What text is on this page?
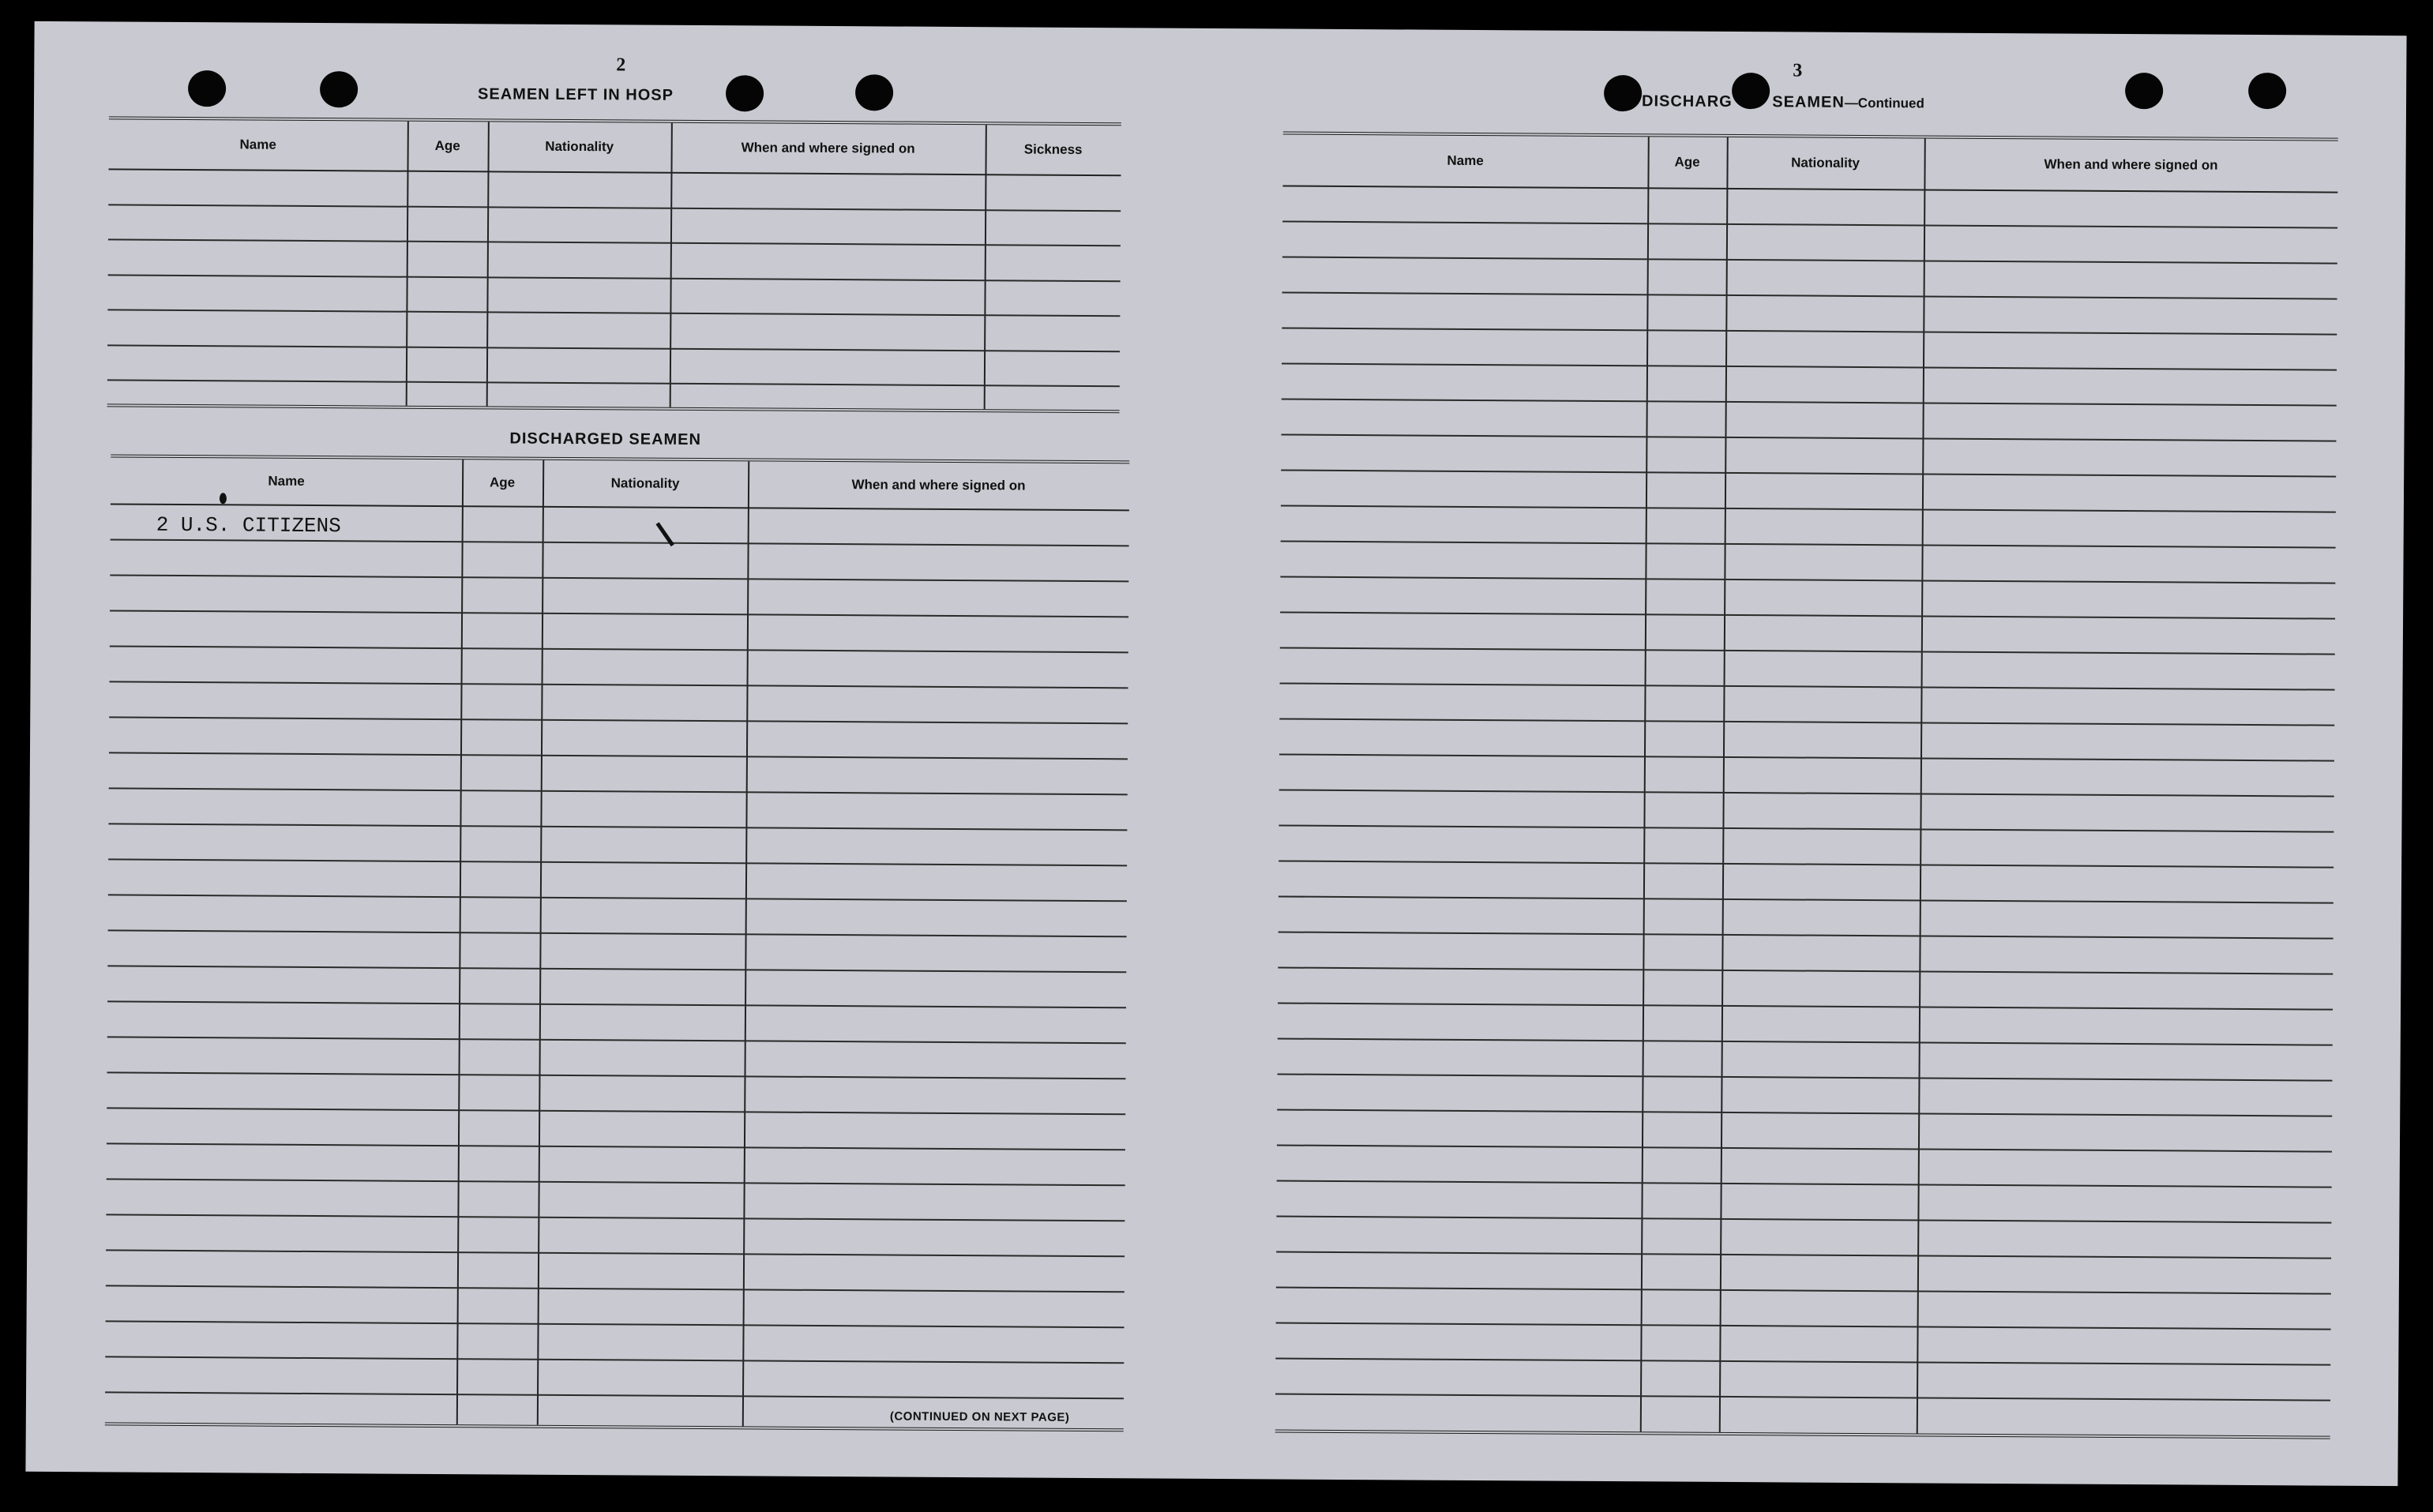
2
SEAMEN LEFT IN HOSP
Name	Age	Nationality	When and where signed on	Sickness
DISCHARGED SEAMEN
Name	Age	Nationality	When and where signed on
2 U.S. CITIZENS
(CONTINUED ON NEXT PAGE)
3
DISCHARG SEAMEN—Continued
Name	Age	Nationality	When and where signed on
